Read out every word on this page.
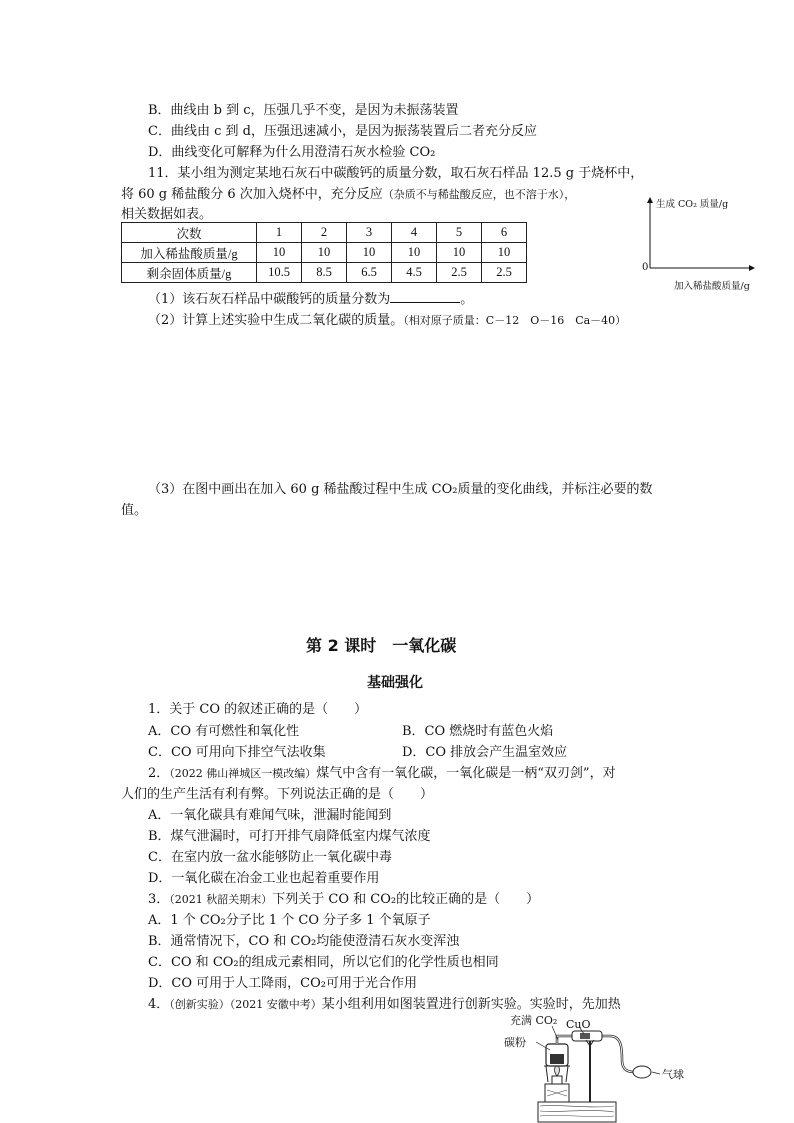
B．曲线由 b 到 c，压强几乎不变，是因为未振荡装置
C．曲线由 c 到 d，压强迅速减小，是因为振荡装置后二者充分反应
D．曲线变化可解释为什么用澄清石灰水检验 CO₂
11．某小组为测定某地石灰石中碳酸钙的质量分数，取石灰石样品 12.5 g 于烧杯中，
将 60 g 稀盐酸分 6 次加入烧杯中，充分反应（杂质不与稀盐酸反应，也不溶于水），
相关数据如表。
次数	1	2	3	4	5	6
加入稀盐酸质量/g	10	10	10	10	10	10
剩余固体质量/g	10.5	8.5	6.5	4.5	2.5	2.5
生成 CO₂ 质量/g
加入稀盐酸质量/g
0
（1）该石灰石样品中碳酸钙的质量分数为	。
（2）计算上述实验中生成二氧化碳的质量。（相对原子质量：C－12　O－16　Ca－40）
（3）在图中画出在加入 60 g 稀盐酸过程中生成 CO₂质量的变化曲线，并标注必要的数
值。
第 2 课时　一氧化碳
基础强化
1．关于 CO 的叙述正确的是（　　）
A．CO 有可燃性和氧化性	B．CO 燃烧时有蓝色火焰
C．CO 可用向下排空气法收集	D．CO 排放会产生温室效应
2．（2022 佛山禅城区一模改编）煤气中含有一氧化碳，一氧化碳是一柄“双刃剑”，对
人们的生产生活有利有弊。下列说法正确的是（　　）
A．一氧化碳具有难闻气味，泄漏时能闻到
B．煤气泄漏时，可打开排气扇降低室内煤气浓度
C．在室内放一盆水能够防止一氧化碳中毒
D．一氧化碳在冶金工业也起着重要作用
3．（2021 秋韶关期末）下列关于 CO 和 CO₂的比较正确的是（　　）
A．1 个 CO₂分子比 1 个 CO 分子多 1 个氧原子
B．通常情况下，CO 和 CO₂均能使澄清石灰水变浑浊
C．CO 和 CO₂的组成元素相同，所以它们的化学性质也相同
D．CO 可用于人工降雨，CO₂可用于光合作用
4．（创新实验）（2021 安徽中考）某小组利用如图装置进行创新实验。实验时，先加热
充满 CO₂ CuO
碳粉
气球
